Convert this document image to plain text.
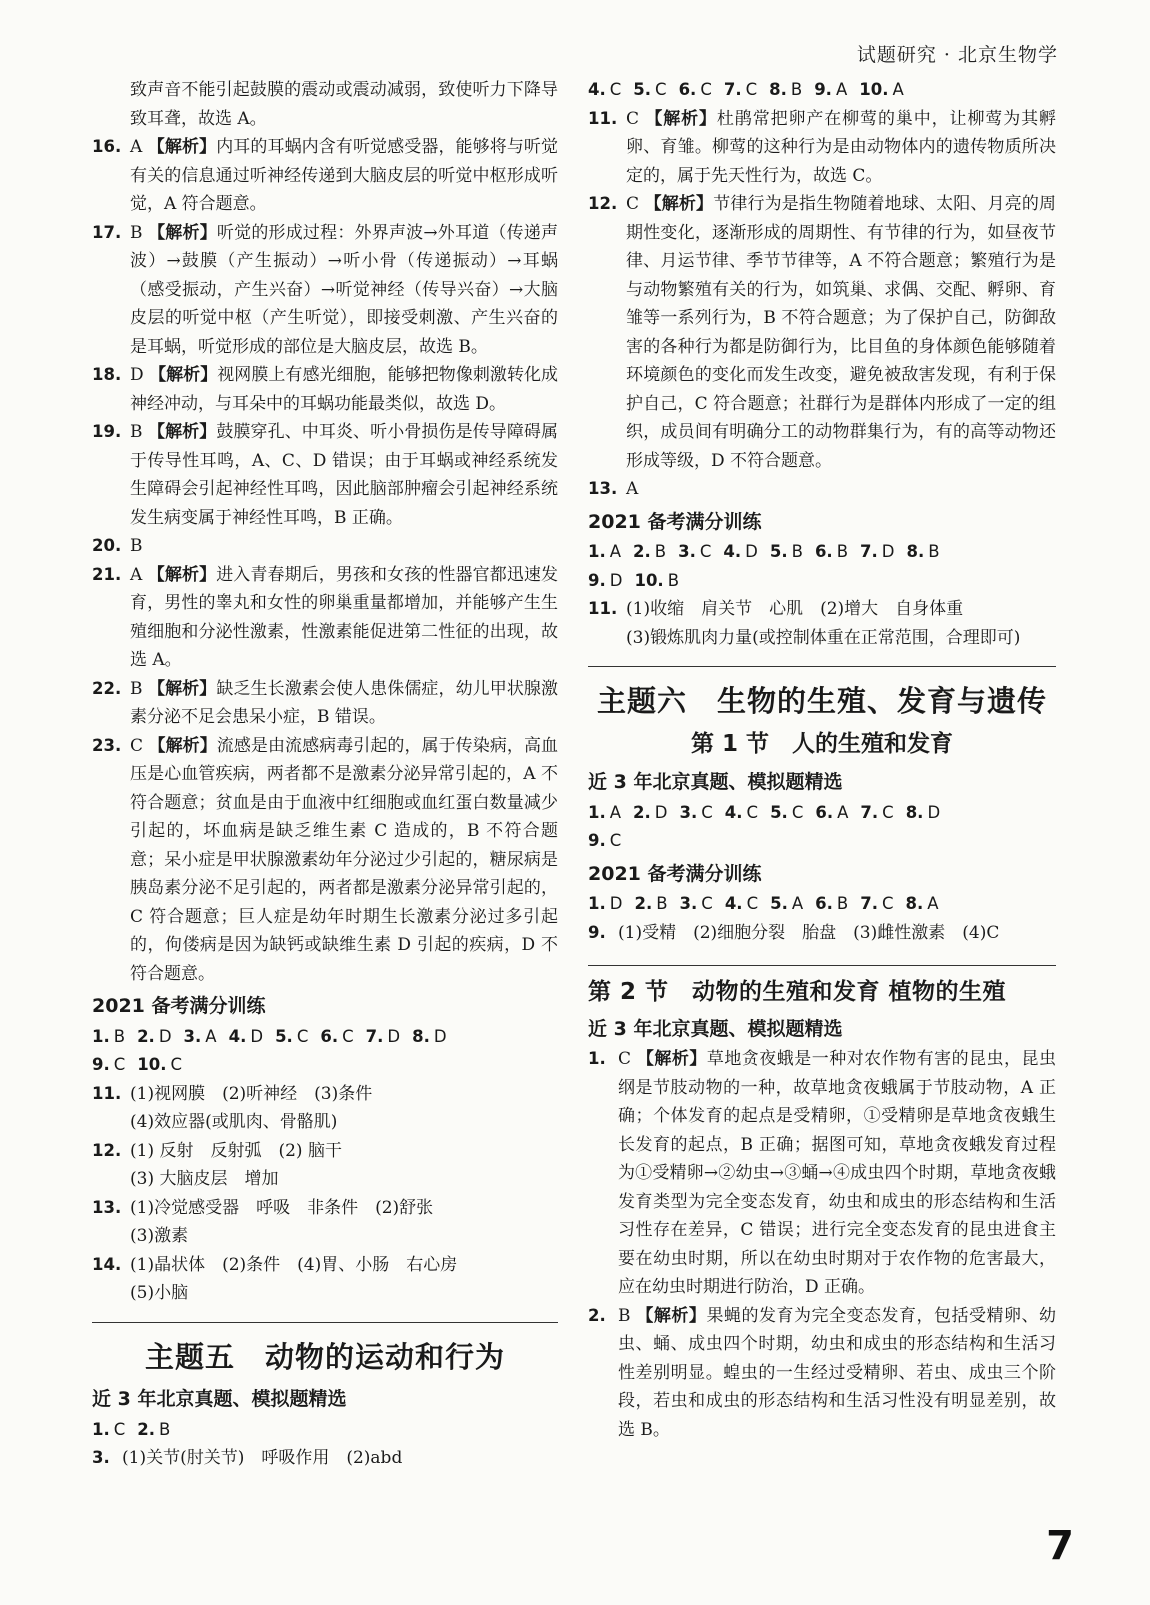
试题研究 · 北京生物学

致声音不能引起鼓膜的震动或震动减弱，致使听力下降导致耳聋，故选 A。

16. A 【解析】内耳的耳蜗内含有听觉感受器，能够将与听觉有关的信息通过听神经传递到大脑皮层的听觉中枢形成听觉，A 符合题意。
17. B 【解析】听觉的形成过程：外界声波→外耳道（传递声波）→鼓膜（产生振动）→听小骨（传递振动）→耳蜗（感受振动，产生兴奋）→听觉神经（传导兴奋）→大脑皮层的听觉中枢（产生听觉），即接受刺激、产生兴奋的是耳蜗，听觉形成的部位是大脑皮层，故选 B。
18. D 【解析】视网膜上有感光细胞，能够把物像刺激转化成神经冲动，与耳朵中的耳蜗功能最类似，故选 D。
19. B 【解析】鼓膜穿孔、中耳炎、听小骨损伤是传导障碍属于传导性耳鸣，A、C、D 错误；由于耳蜗或神经系统发生障碍会引起神经性耳鸣，因此脑部肿瘤会引起神经系统发生病变属于神经性耳鸣，B 正确。
20. B
21. A 【解析】进入青春期后，男孩和女孩的性器官都迅速发育，男性的睾丸和女性的卵巢重量都增加，并能够产生生殖细胞和分泌性激素，性激素能促进第二性征的出现，故选 A。
22. B 【解析】缺乏生长激素会使人患侏儒症，幼儿甲状腺激素分泌不足会患呆小症，B 错误。
23. C 【解析】流感是由流感病毒引起的，属于传染病，高血压是心血管疾病，两者都不是激素分泌异常引起的，A 不符合题意；贫血是由于血液中红细胞或血红蛋白数量减少引起的，坏血病是缺乏维生素 C 造成的，B 不符合题意；呆小症是甲状腺激素幼年分泌过少引起的，糖尿病是胰岛素分泌不足引起的，两者都是激素分泌异常引起的，C 符合题意；巨人症是幼年时期生长激素分泌过多引起的，佝偻病是因为缺钙或缺维生素 D 引起的疾病，D 不符合题意。
2021 备考满分训练
1. B 2. D 3. A 4. D 5. C 6. C 7. D 8. D
9. C 10. C
11. (1)视网膜　(2)听神经　(3)条件
(4)效应器(或肌肉、骨骼肌)
12. (1) 反射　反射弧　(2) 脑干
(3) 大脑皮层　增加
13. (1)冷觉感受器　呼吸　非条件　(2)舒张
(3)激素
14. (1)晶状体　(2)条件　(4)胃、小肠　右心房
(5)小脑
主题五　动物的运动和行为
近 3 年北京真题、模拟题精选
1. C 2. B
3. (1)关节(肘关节)　呼吸作用　(2)abd
4. C 5. C 6. C 7. C 8. B 9. A 10. A
11. C 【解析】杜鹃常把卵产在柳莺的巢中，让柳莺为其孵卵、育雏。柳莺的这种行为是由动物体内的遗传物质所决定的，属于先天性行为，故选 C。
12. C 【解析】节律行为是指生物随着地球、太阳、月亮的周期性变化，逐渐形成的周期性、有节律的行为，如昼夜节律、月运节律、季节节律等，A 不符合题意；繁殖行为是与动物繁殖有关的行为，如筑巢、求偶、交配、孵卵、育雏等一系列行为，B 不符合题意；为了保护自己，防御敌害的各种行为都是防御行为，比目鱼的身体颜色能够随着环境颜色的变化而发生改变，避免被敌害发现，有利于保护自己，C 符合题意；社群行为是群体内形成了一定的组织，成员间有明确分工的动物群集行为，有的高等动物还形成等级，D 不符合题意。
13. A
2021 备考满分训练
1. A 2. B 3. C 4. D 5. B 6. B 7. D 8. B
9. D 10. B
11. (1)收缩　肩关节　心肌　(2)增大　自身体重
(3)锻炼肌肉力量(或控制体重在正常范围，合理即可)
主题六　生物的生殖、发育与遗传
第 1 节　人的生殖和发育
近 3 年北京真题、模拟题精选
1. A 2. D 3. C 4. C 5. C 6. A 7. C 8. D
9. C
2021 备考满分训练
1. D 2. B 3. C 4. C 5. A 6. B 7. C 8. A
9. (1)受精　(2)细胞分裂　胎盘　(3)雌性激素　(4)C
第 2 节　动物的生殖和发育 植物的生殖
近 3 年北京真题、模拟题精选
1. C 【解析】草地贪夜蛾是一种对农作物有害的昆虫，昆虫纲是节肢动物的一种，故草地贪夜蛾属于节肢动物，A 正确；个体发育的起点是受精卵，①受精卵是草地贪夜蛾生长发育的起点，B 正确；据图可知，草地贪夜蛾发育过程为①受精卵→②幼虫→③蛹→④成虫四个时期，草地贪夜蛾发育类型为完全变态发育，幼虫和成虫的形态结构和生活习性存在差异，C 错误；进行完全变态发育的昆虫进食主要在幼虫时期，所以在幼虫时期对于农作物的危害最大，应在幼虫时期进行防治，D 正确。
2. B 【解析】果蝇的发育为完全变态发育，包括受精卵、幼虫、蛹、成虫四个时期，幼虫和成虫的形态结构和生活习性差别明显。蝗虫的一生经过受精卵、若虫、成虫三个阶段，若虫和成虫的形态结构和生活习性没有明显差别，故选 B。
7
